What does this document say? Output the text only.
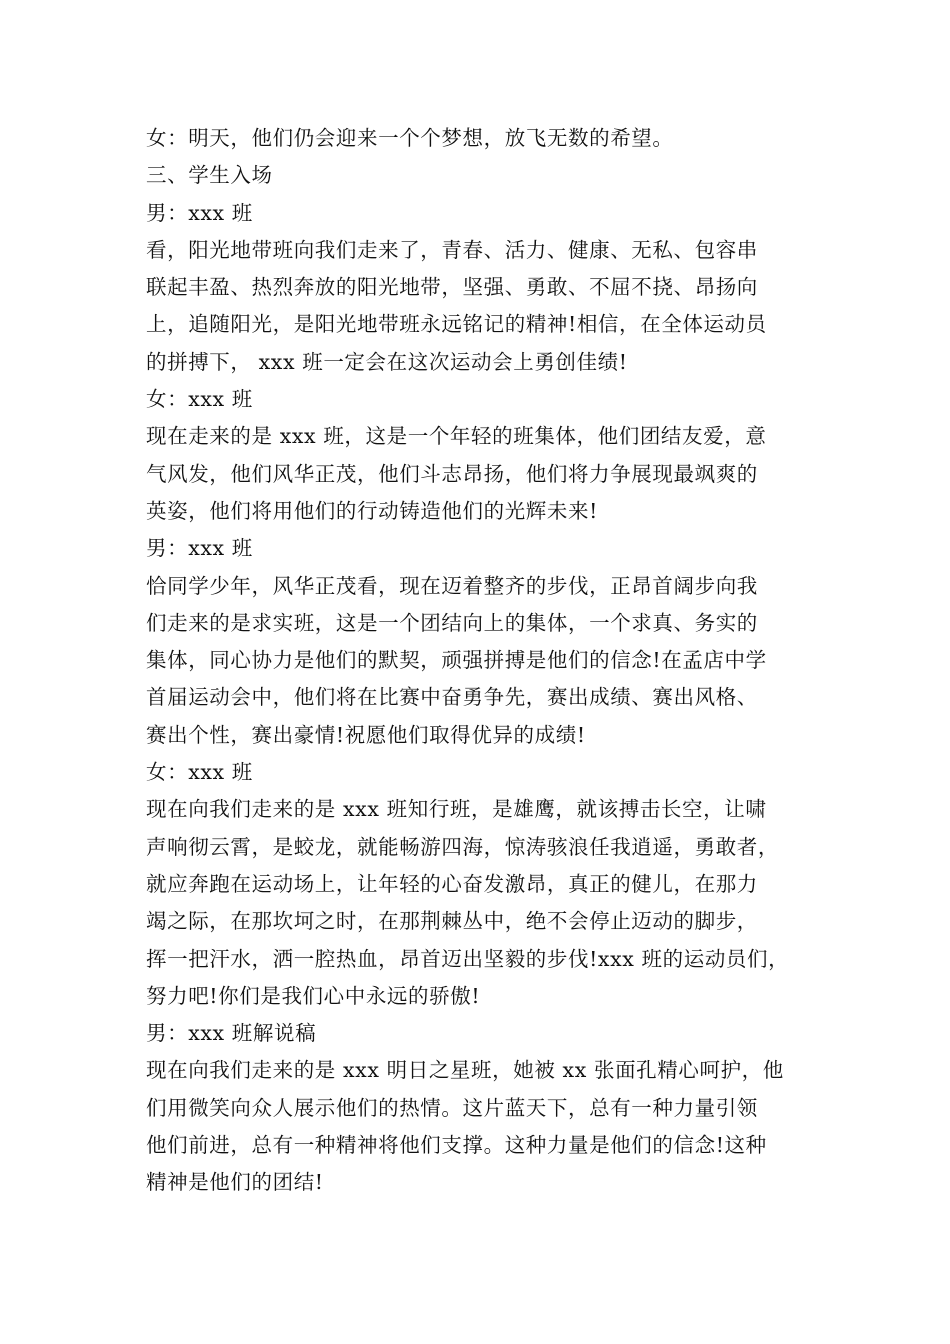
女：明天，他们仍会迎来一个个梦想，放飞无数的希望。
三、学生入场
男：xxx 班
看，阳光地带班向我们走来了，青春、活力、健康、无私、包容串
联起丰盈、热烈奔放的阳光地带，坚强、勇敢、不屈不挠、昂扬向
上，追随阳光，是阳光地带班永远铭记的精神!相信，在全体运动员
的拼搏下， xxx 班一定会在这次运动会上勇创佳绩!
女：xxx 班
现在走来的是 xxx 班，这是一个年轻的班集体，他们团结友爱，意
气风发，他们风华正茂，他们斗志昂扬，他们将力争展现最飒爽的
英姿，他们将用他们的行动铸造他们的光辉未来!
男：xxx 班
恰同学少年，风华正茂看，现在迈着整齐的步伐，正昂首阔步向我
们走来的是求实班，这是一个团结向上的集体，一个求真、务实的
集体，同心协力是他们的默契，顽强拼搏是他们的信念!在孟店中学
首届运动会中，他们将在比赛中奋勇争先，赛出成绩、赛出风格、
赛出个性，赛出豪情!祝愿他们取得优异的成绩!
女：xxx 班
现在向我们走来的是 xxx 班知行班，是雄鹰，就该搏击长空，让啸
声响彻云霄，是蛟龙，就能畅游四海，惊涛骇浪任我逍遥，勇敢者，
就应奔跑在运动场上，让年轻的心奋发激昂，真正的健儿，在那力
竭之际，在那坎坷之时，在那荆棘丛中，绝不会停止迈动的脚步，
挥一把汗水，洒一腔热血，昂首迈出坚毅的步伐!xxx 班的运动员们，
努力吧!你们是我们心中永远的骄傲!
男：xxx 班解说稿
现在向我们走来的是 xxx 明日之星班，她被 xx 张面孔精心呵护，他
们用微笑向众人展示他们的热情。这片蓝天下，总有一种力量引领
他们前进，总有一种精神将他们支撑。这种力量是他们的信念!这种
精神是他们的团结!
